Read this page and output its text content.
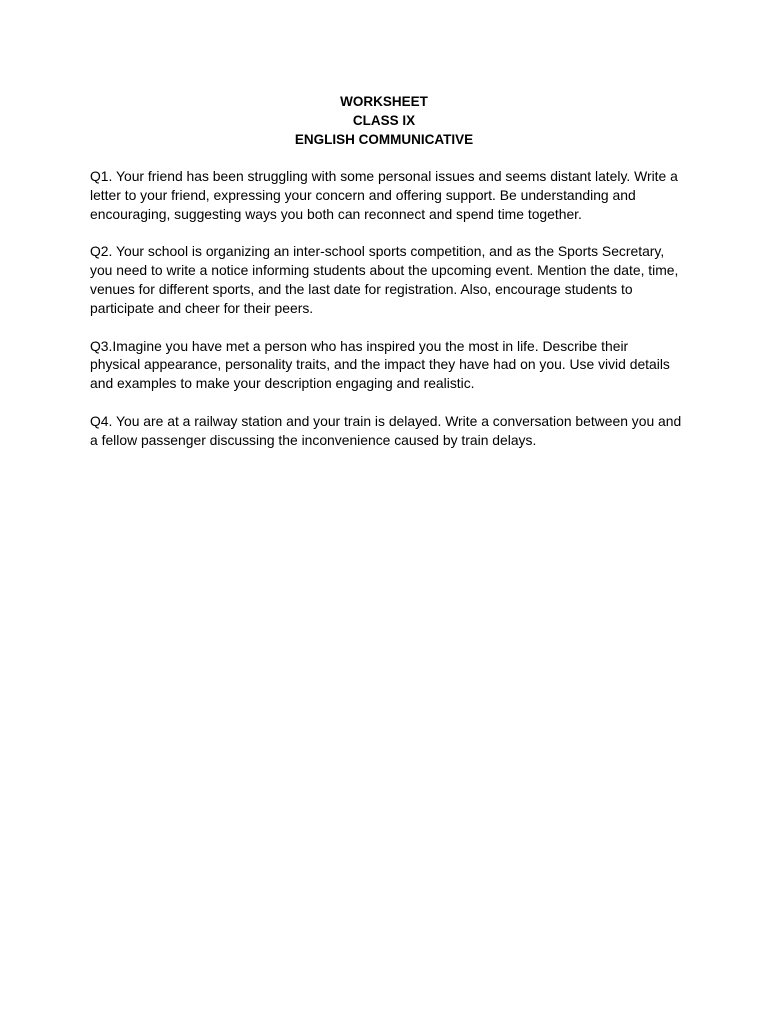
WORKSHEET
CLASS IX
ENGLISH COMMUNICATIVE

Q1. Your friend has been struggling with some personal issues and seems distant lately. Write a letter to your friend, expressing your concern and offering support. Be understanding and encouraging, suggesting ways you both can reconnect and spend time together.

Q2. Your school is organizing an inter-school sports competition, and as the Sports Secretary, you need to write a notice informing students about the upcoming event. Mention the date, time, venues for different sports, and the last date for registration. Also, encourage students to participate and cheer for their peers.

Q3.Imagine you have met a person who has inspired you the most in life. Describe their physical appearance, personality traits, and the impact they have had on you. Use vivid details and examples to make your description engaging and realistic.

Q4. You are at a railway station and your train is delayed. Write a conversation between you and a fellow passenger discussing the inconvenience caused by train delays.
